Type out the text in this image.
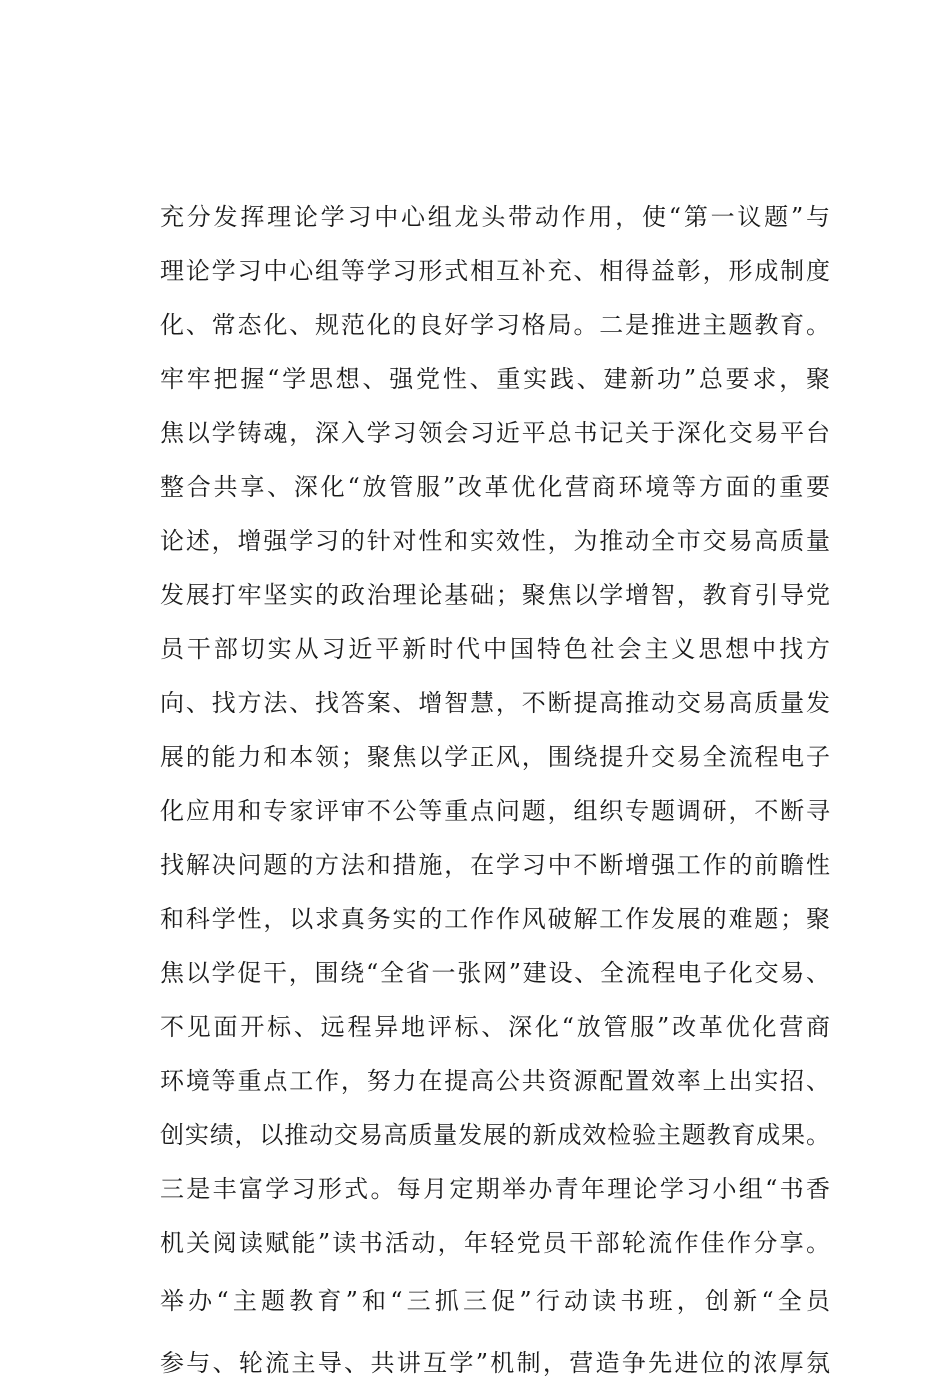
充分发挥理论学习中心组龙头带动作用，使“第一议题”与
理论学习中心组等学习形式相互补充、相得益彰，形成制度
化、常态化、规范化的良好学习格局。二是推进主题教育。
牢牢把握“学思想、强党性、重实践、建新功”总要求，聚
焦以学铸魂，深入学习领会习近平总书记关于深化交易平台
整合共享、深化“放管服”改革优化营商环境等方面的重要
论述，增强学习的针对性和实效性，为推动全市交易高质量
发展打牢坚实的政治理论基础；聚焦以学增智，教育引导党
员干部切实从习近平新时代中国特色社会主义思想中找方
向、找方法、找答案、增智慧，不断提高推动交易高质量发
展的能力和本领；聚焦以学正风，围绕提升交易全流程电子
化应用和专家评审不公等重点问题，组织专题调研，不断寻
找解决问题的方法和措施，在学习中不断增强工作的前瞻性
和科学性，以求真务实的工作作风破解工作发展的难题；聚
焦以学促干，围绕“全省一张网”建设、全流程电子化交易、
不见面开标、远程异地评标、深化“放管服”改革优化营商
环境等重点工作，努力在提高公共资源配置效率上出实招、
创实绩，以推动交易高质量发展的新成效检验主题教育成果。
三是丰富学习形式。每月定期举办青年理论学习小组“书香
机关阅读赋能”读书活动，年轻党员干部轮流作佳作分享。
举办“主题教育”和“三抓三促”行动读书班，创新“全员
参与、轮流主导、共讲互学”机制，营造争先进位的浓厚氛
